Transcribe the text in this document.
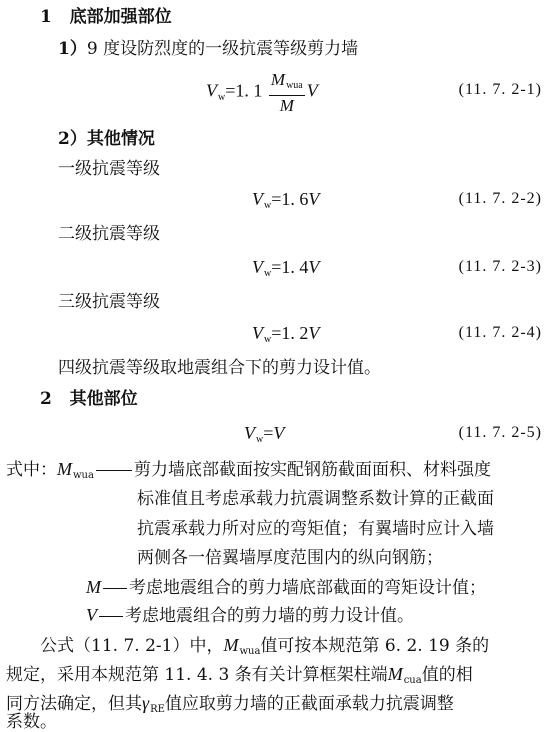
1 底部加强部位
1）9 度设防烈度的一级抗震等级剪力墙
$V_w=1$. $1 \frac{M_{wua}}{M}$ V	(11. 7. 2-1)
2）其他情况
一级抗震等级
$V_w=1$. 6V	(11. 7. 2-2)
二级抗震等级
$V_w=1$. 4V	(11. 7. 2-3)
三级抗震等级
$V_w=1$. 2V	(11. 7. 2-4)
四级抗震等级取地震组合下的剪力设计值。
2 其他部位
$V_w=V$	(11. 7. 2-5)
式中：$M_{wua}$ 剪力墙底部截面按实配钢筋截面面积、材料强度
标准值且考虑承载力抗震调整系数计算的正截面
抗震承载力所对应的弯矩值；有翼墙时应计入墙
两侧各一倍翼墙厚度范围内的纵向钢筋；
M 考虑地震组合的剪力墙底部截面的弯矩设计值；
V 考虑地震组合的剪力墙的剪力设计值。
公式（11. 7. 2-1）中，$M_{wua}$值可按本规范第 6. 2. 19 条的
规定，采用本规范第 11. 4. 3 条有关计算框架柱端$M_{cua}$值的相
同方法确定，但其$\gamma_{RE}$值应取剪力墙的正截面承载力抗震调整
系数。
